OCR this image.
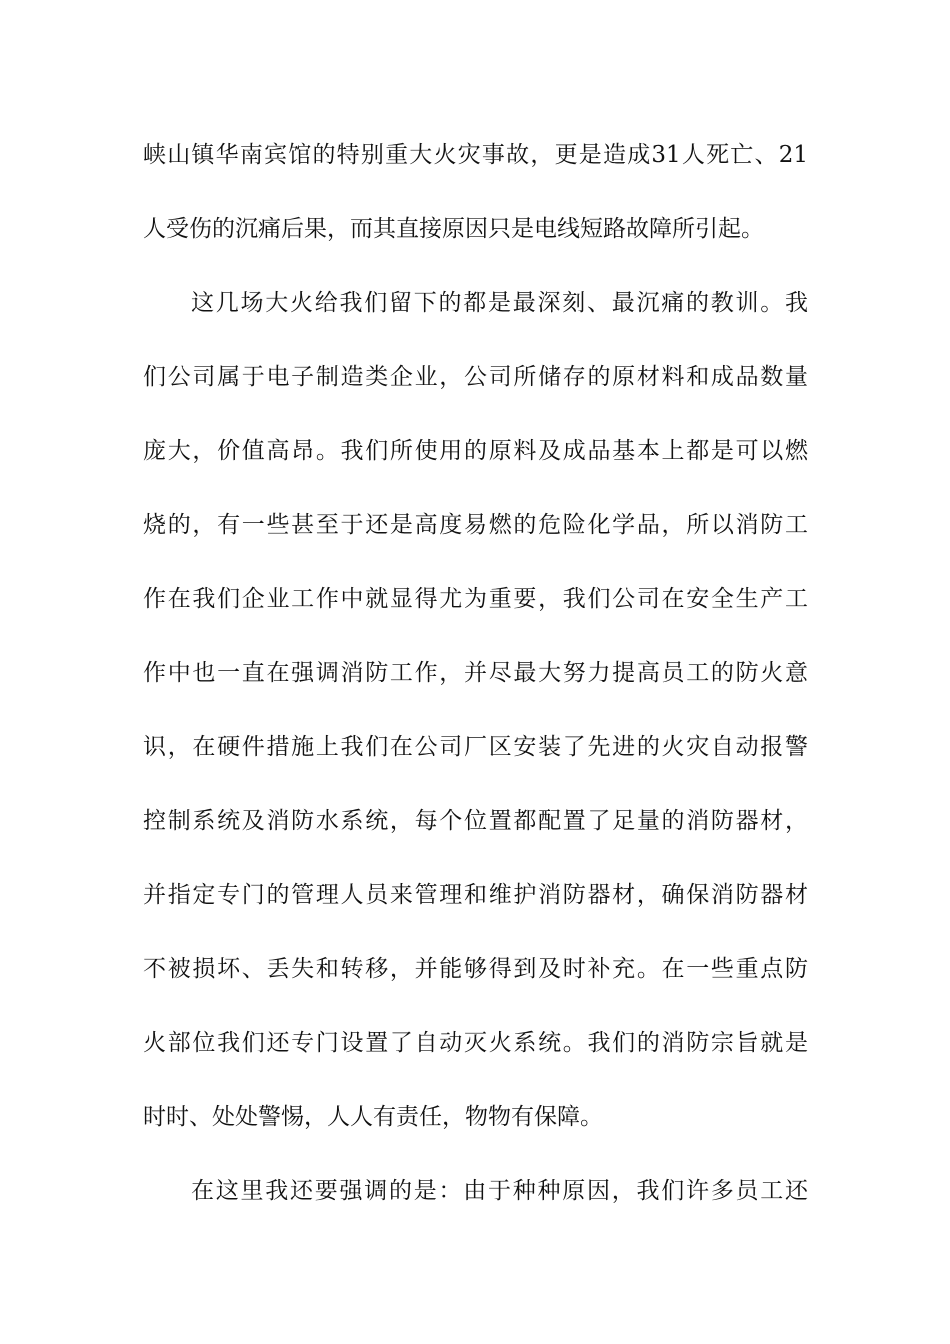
峡山镇华南宾馆的特别重大火灾事故，更是造成31人死亡、21
人受伤的沉痛后果，而其直接原因只是电线短路故障所引起。
这几场大火给我们留下的都是最深刻、最沉痛的教训。我
们公司属于电子制造类企业，公司所储存的原材料和成品数量
庞大，价值高昂。我们所使用的原料及成品基本上都是可以燃
烧的，有一些甚至于还是高度易燃的危险化学品，所以消防工
作在我们企业工作中就显得尤为重要，我们公司在安全生产工
作中也一直在强调消防工作，并尽最大努力提高员工的防火意
识，在硬件措施上我们在公司厂区安装了先进的火灾自动报警
控制系统及消防水系统，每个位置都配置了足量的消防器材，
并指定专门的管理人员来管理和维护消防器材，确保消防器材
不被损坏、丢失和转移，并能够得到及时补充。在一些重点防
火部位我们还专门设置了自动灭火系统。我们的消防宗旨就是
时时、处处警惕，人人有责任，物物有保障。
在这里我还要强调的是：由于种种原因，我们许多员工还
